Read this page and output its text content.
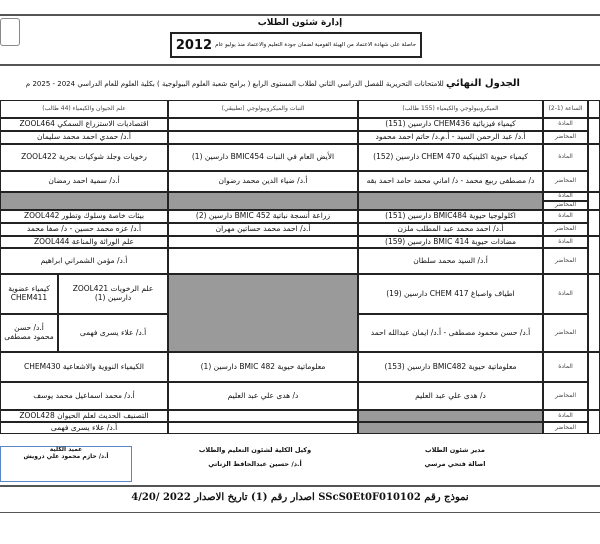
إدارة شئون الطلاب
حاصلة على شهادة الاعتماد من الهيئة القومية لضمان جودة التعليم والاعتماد منذ يوليو عام
2012
الجدول النهائي للامتحانات التحريرية للفصل الدراسي الثاني لطلاب المستوى الرابع ( برامج شعبة العلوم البيولوجية ) بكلية العلوم للعام الدراسي 2024 - 2025 م
الساعة (1-2)
الميكروبيولوجي والكيمياء (155 طالب)
النبات والميكروبيولوجي (تطبيقي)
علم الحيوان والكيمياء (44 طالب)
المادة
المحاضر
كيمياء فيزيائية CHEM436 دارسين (151)
أ.د/ عبد الرحمن السيد - أ.م.د/ حاتم احمد محمود
اقتصاديات الاستزراع السمكي ZOOL464
أ.د/ حمدي احمد محمد سليمان
المادة
المحاضر
كيمياء حيوية اكلينيكية CHEM 470 دارسين (152)
د/ مصطفى ربيع محمد - د/ اماني محمد حامد احمد بقه
الأيض العام في النبات BMIC454 دارسين (1)
أ.د/ ضياء الدين محمد رضوان
رخويات وجلد شوكيات بحرية ZOOL422
أ.د/ سمية احمد رمضان
المادة
المحاضر
المادة
المحاضر
اكلولوجيا حيوية BMIC484 دارسين (151)
أ.د/ احمد محمد عبد المطلب ملزن
زراعة أنسجة نباتية BMIC 452 دارسين (2)
أ.د/ احمد محمد حساتين مهران
بيئات خاصة وسلوك وتطور ZOOL442
أ.د/ عزه محمد حسين - د/ صفا محمد
المادة
المحاضر
مضادات حيوية BMIC 414 دارسين (159)
أ.د/ السيد محمد سلطان
علم الوراثة والمناعة ZOOL444
أ.د/ مؤمن الشمراني ابراهيم
المادة
المحاضر
اطياف واصباغ CHEM 417 دارسين (19)
أ.د/ حسن محمود مصطفى - أ.د/ ايمان عبدالله احمد
علم الرخويات ZOOL421 دارسين (1)
أ.د/ علاء يسرى فهمى
كيمياء عضوية CHEM411
أ.د/ حسن محمود مصطفى
المادة
المحاضر
معلوماتية حيوية BMIC482 دارسين (153)
د/ هدى علي عبد العليم
معلوماتية حيوية BMIC 482 دارسين (1)
د/ هدى علي عبد العليم
الكيمياء النووية والاشعاعية CHEM430
أ.د/ محمد اسماعيل محمد يوسف
المادة
المحاضر
التصنيف الحديث لعلم الحيوان ZOOL428
أ.د/ علاء يسرى فهمى
مدير شئون الطلاب
اصالة فتحي مرسي
وكيل الكلية لشئون التعليم والطلاب
أ.د/ حسين عبدالحافظ الزناتي
عميد الكلية
أ.د/ حازم محمود علي درويش
نموذج رقم SScS0Et0F010102 اصدار رقم (1) تاريخ الاصدار 2022 /4/20
